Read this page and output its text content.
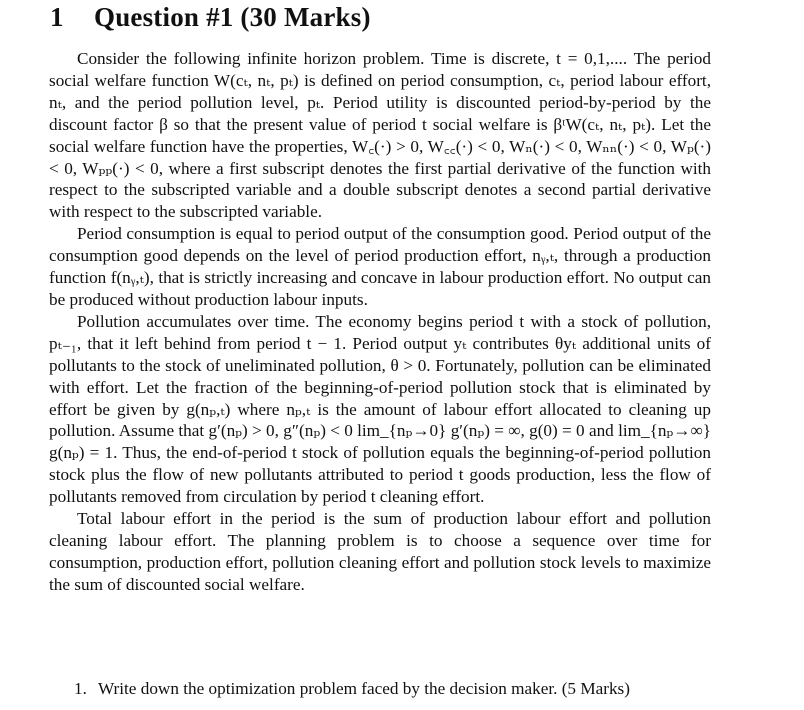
1 Question #1 (30 Marks)

Consider the following infinite horizon problem. Time is discrete, t = 0,1,.... The period social welfare function W(cₜ, nₜ, pₜ) is defined on period consumption, cₜ, period labour effort, nₜ, and the period pollution level, pₜ. Period utility is discounted period-by-period by the discount factor β so that the present value of period t social welfare is βᵗW(cₜ, nₜ, pₜ). Let the social welfare function have the properties, W꜀(·) > 0, W꜀꜀(·) < 0, Wₙ(·) < 0, Wₙₙ(·) < 0, Wₚ(·) < 0, Wₚₚ(·) < 0, where a first subscript denotes the first partial derivative of the function with respect to the subscripted variable and a double subscript denotes a second partial derivative with respect to the subscripted variable.

Period consumption is equal to period output of the consumption good. Period output of the consumption good depends on the level of period production effort, nᵧ,ₜ, through a production function f(nᵧ,ₜ), that is strictly increasing and concave in labour production effort. No output can be produced without production labour inputs.

Pollution accumulates over time. The economy begins period t with a stock of pollution, pₜ₋₁, that it left behind from period t − 1. Period output yₜ contributes θyₜ additional units of pollutants to the stock of uneliminated pollution, θ > 0. Fortunately, pollution can be eliminated with effort. Let the fraction of the beginning-of-period pollution stock that is eliminated by effort be given by g(nₚ,ₜ) where nₚ,ₜ is the amount of labour effort allocated to cleaning up pollution. Assume that g′(nₚ) > 0, g″(nₚ) < 0 lim_{nₚ→0} g′(nₚ) = ∞, g(0) = 0 and lim_{nₚ→∞} g(nₚ) = 1. Thus, the end-of-period t stock of pollution equals the beginning-of-period pollution stock plus the flow of new pollutants attributed to period t goods production, less the flow of pollutants removed from circulation by period t cleaning effort.

Total labour effort in the period is the sum of production labour effort and pollution cleaning labour effort. The planning problem is to choose a sequence over time for consumption, production effort, pollution cleaning effort and pollution stock levels to maximize the sum of discounted social welfare.

1. Write down the optimization problem faced by the decision maker. (5 Marks)
